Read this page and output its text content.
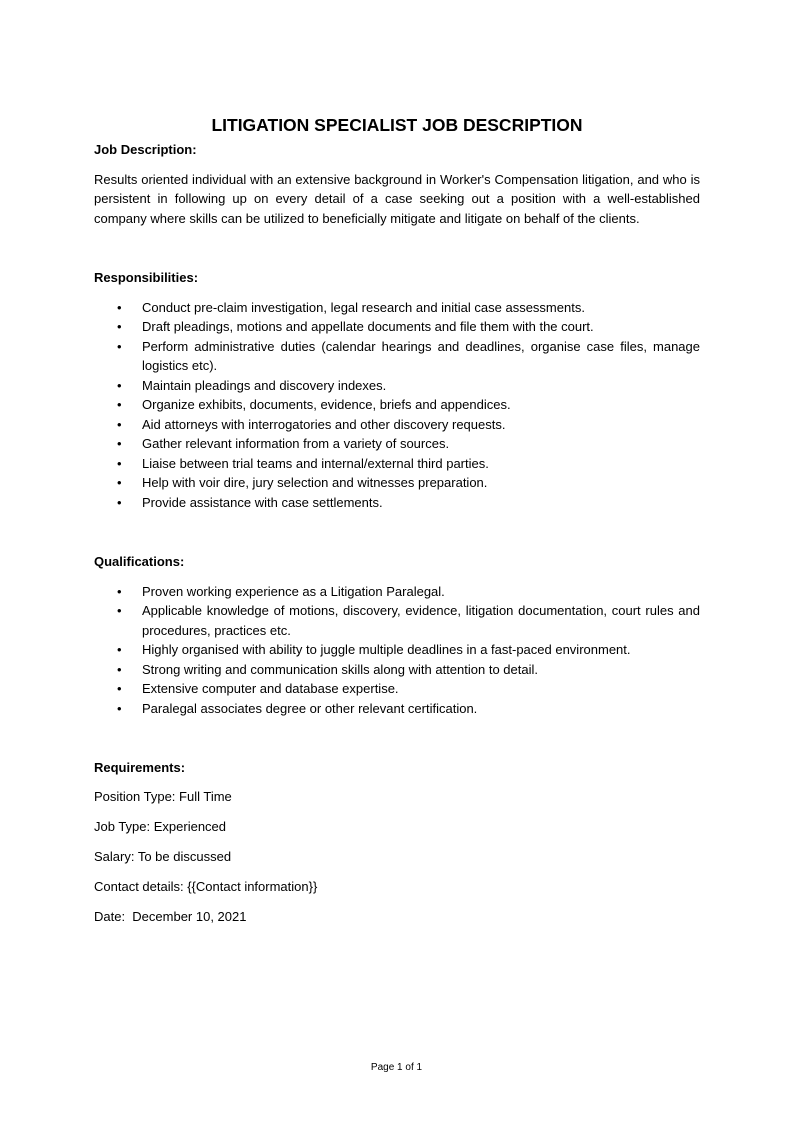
LITIGATION SPECIALIST JOB DESCRIPTION

Job Description:

Results oriented individual with an extensive background in Worker's Compensation litigation, and who is persistent in following up on every detail of a case seeking out a position with a well-established company where skills can be utilized to beneficially mitigate and litigate on behalf of the clients.

Responsibilities:

• Conduct pre-claim investigation, legal research and initial case assessments.
• Draft pleadings, motions and appellate documents and file them with the court.
• Perform administrative duties (calendar hearings and deadlines, organise case files, manage logistics etc).
• Maintain pleadings and discovery indexes.
• Organize exhibits, documents, evidence, briefs and appendices.
• Aid attorneys with interrogatories and other discovery requests.
• Gather relevant information from a variety of sources.
• Liaise between trial teams and internal/external third parties.
• Help with voir dire, jury selection and witnesses preparation.
• Provide assistance with case settlements.

Qualifications:

• Proven working experience as a Litigation Paralegal.
• Applicable knowledge of motions, discovery, evidence, litigation documentation, court rules and procedures, practices etc.
• Highly organised with ability to juggle multiple deadlines in a fast-paced environment.
• Strong writing and communication skills along with attention to detail.
• Extensive computer and database expertise.
• Paralegal associates degree or other relevant certification.

Requirements:

Position Type: Full Time

Job Type: Experienced

Salary: To be discussed

Contact details: {{Contact information}}

Date:  December 10, 2021

Page 1 of 1
